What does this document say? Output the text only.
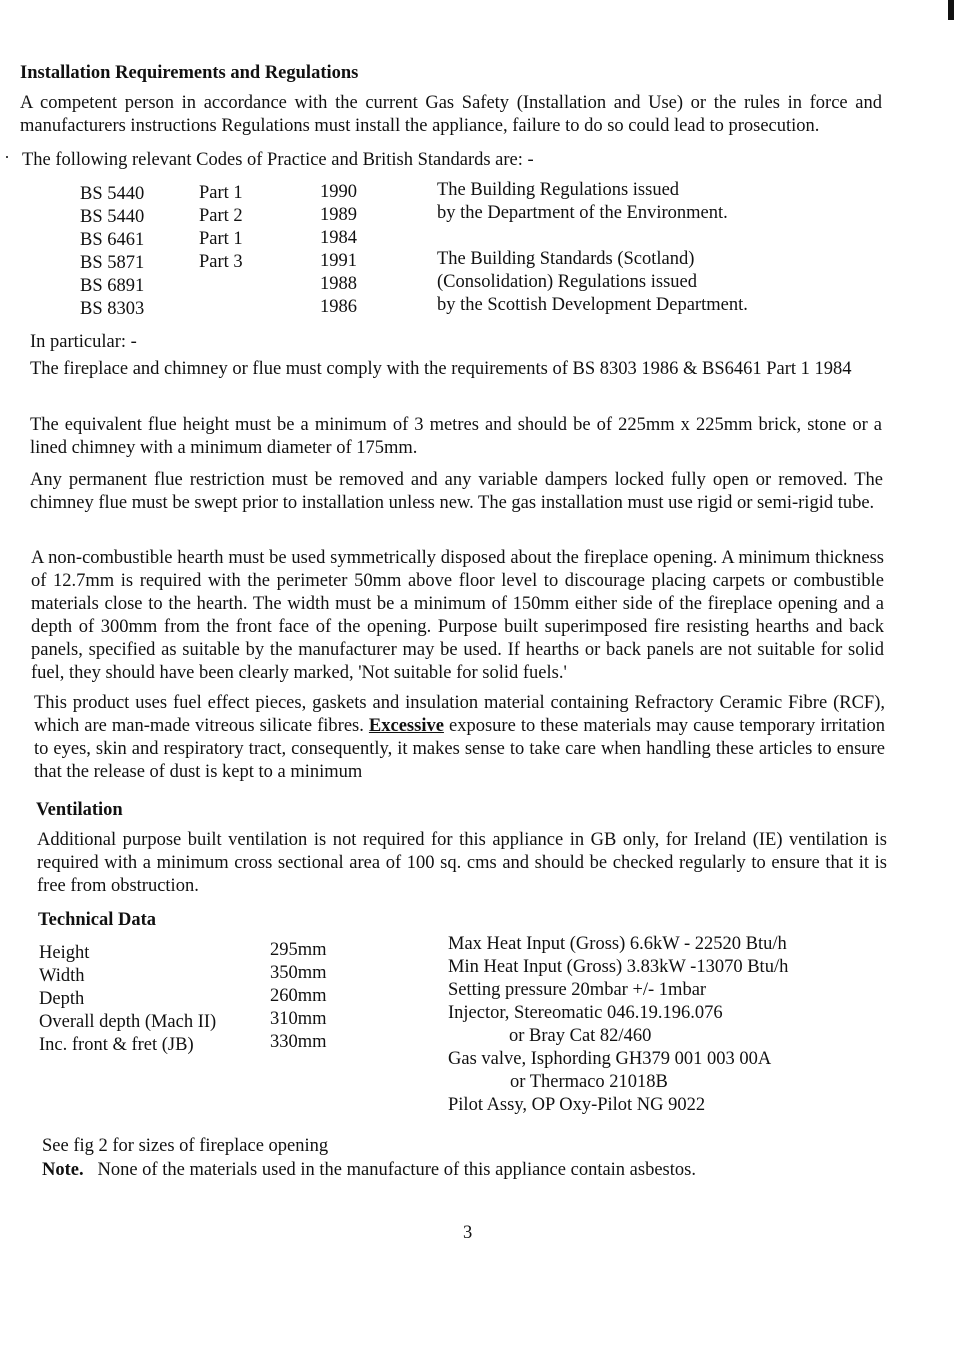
Installation Requirements and Regulations
A competent person in accordance with the current Gas Safety (Installation and Use) or the rules in force and manufacturers instructions Regulations must install the appliance, failure to do so could lead to prosecution.
The following relevant Codes of Practice and British Standards are: -
BS 5440
BS 5440
BS 6461
BS 5871
BS 6891
BS 8303
Part 1
Part 2
Part 1
Part 3
1990
1989
1984
1991
1988
1986
The Building Regulations issued
by the Department of the Environment.
The Building Standards (Scotland)
(Consolidation) Regulations issued
by the Scottish Development Department.
In particular: -
The fireplace and chimney or flue must comply with the requirements of BS 8303 1986 & BS6461 Part 1 1984
The equivalent flue height must be a minimum of 3 metres and should be of 225mm x 225mm brick, stone or a lined chimney with a minimum diameter of 175mm.
Any permanent flue restriction must be removed and any variable dampers locked fully open or removed. The chimney flue must be swept prior to installation unless new. The gas installation must use rigid or semi-rigid tube.
A non-combustible hearth must be used symmetrically disposed about the fireplace opening. A minimum thickness of 12.7mm is required with the perimeter 50mm above floor level to discourage placing carpets or combustible materials close to the hearth. The width must be a minimum of 150mm either side of the fireplace opening and a depth of 300mm from the front face of the opening. Purpose built superimposed fire resisting hearths and back panels, specified as suitable by the manufacturer may be used. If hearths or back panels are not suitable for solid fuel, they should have been clearly marked, 'Not suitable for solid fuels.'
This product uses fuel effect pieces, gaskets and insulation material containing Refractory Ceramic Fibre (RCF), which are man-made vitreous silicate fibres. Excessive exposure to these materials may cause temporary irritation to eyes, skin and respiratory tract, consequently, it makes sense to take care when handling these articles to ensure that the release of dust is kept to a minimum
Ventilation
Additional purpose built ventilation is not required for this appliance in GB only, for Ireland (IE) ventilation is required with a minimum cross sectional area of 100 sq. cms and should be checked regularly to ensure that it is free from obstruction.
Technical Data
Height
Width
Depth
Overall depth (Mach II)
Inc. front & fret (JB)
295mm
350mm
260mm
310mm
330mm
Max Heat Input (Gross) 6.6kW - 22520 Btu/h
Min Heat Input (Gross) 3.83kW -13070 Btu/h
Setting pressure 20mbar +/- 1mbar
Injector, Stereomatic 046.19.196.076
or Bray Cat 82/460
Gas valve, Isphording GH379 001 003 00A
or Thermaco 21018B
Pilot Assy, OP Oxy-Pilot NG 9022
See fig 2 for sizes of fireplace opening
Note. None of the materials used in the manufacture of this appliance contain asbestos.
3
